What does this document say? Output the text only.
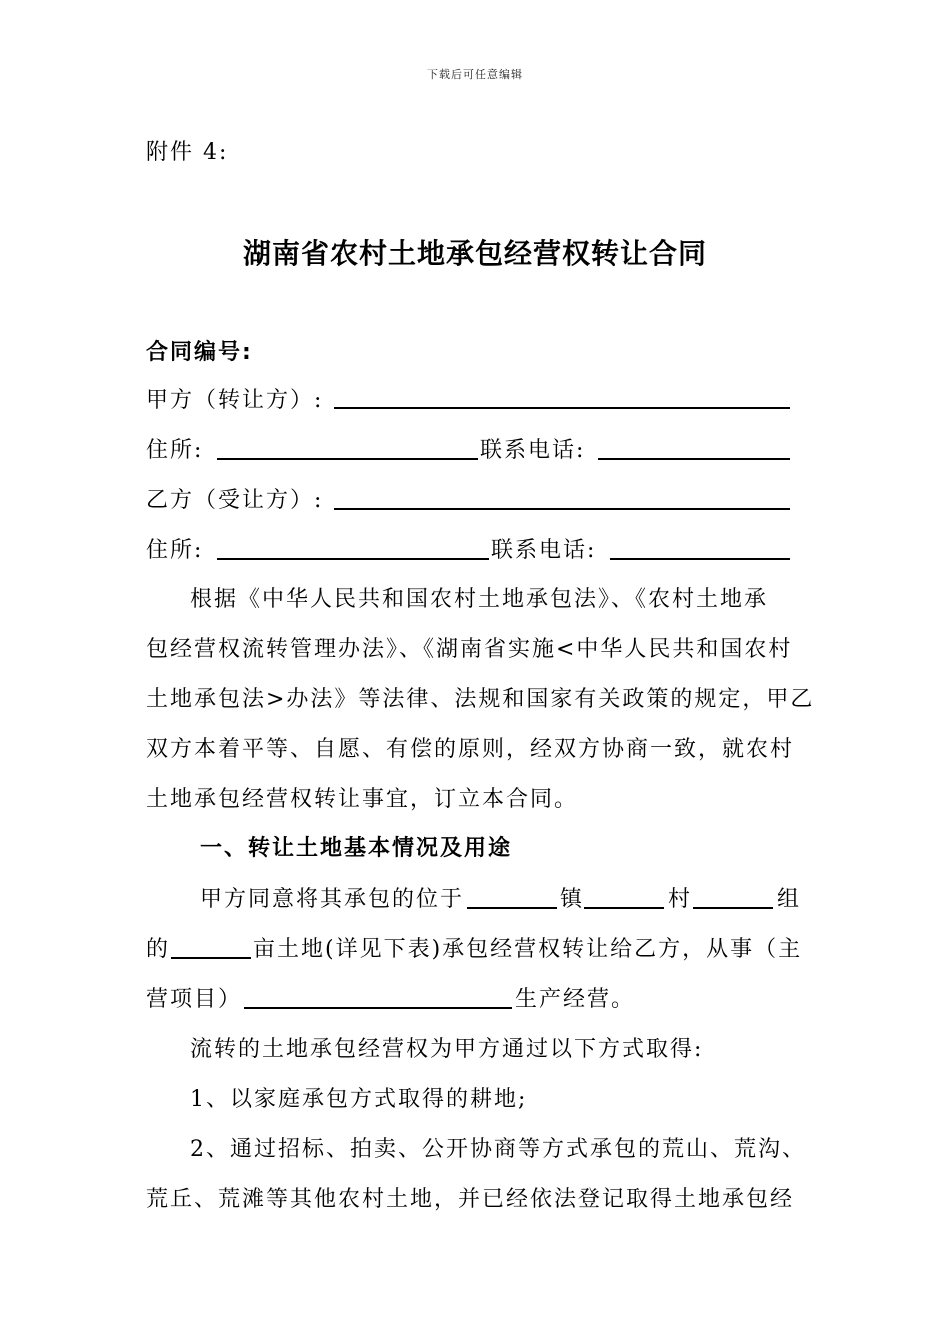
下载后可任意编辑
附件 4:
湖南省农村土地承包经营权转让合同
合同编号:
甲方（转让方）:
住所:	联系电话:
乙方（受让方）:
住所:	联系电话:
根据《中华人民共和国农村土地承包法》、《农村土地承
包经营权流转管理办法》、《湖南省实施<中华人民共和国农村
土地承包法>办法》等法律、法规和国家有关政策的规定，甲乙
双方本着平等、自愿、有偿的原则，经双方协商一致，就农村
土地承包经营权转让事宜，订立本合同。
一、转让土地基本情况及用途
甲方同意将其承包的位于	镇	村	组
的	亩土地(详见下表)承包经营权转让给乙方，从事（主
营项目）	生产经营。
流转的土地承包经营权为甲方通过以下方式取得:
1、以家庭承包方式取得的耕地;
2、通过招标、拍卖、公开协商等方式承包的荒山、荒沟、
荒丘、荒滩等其他农村土地，并已经依法登记取得土地承包经
